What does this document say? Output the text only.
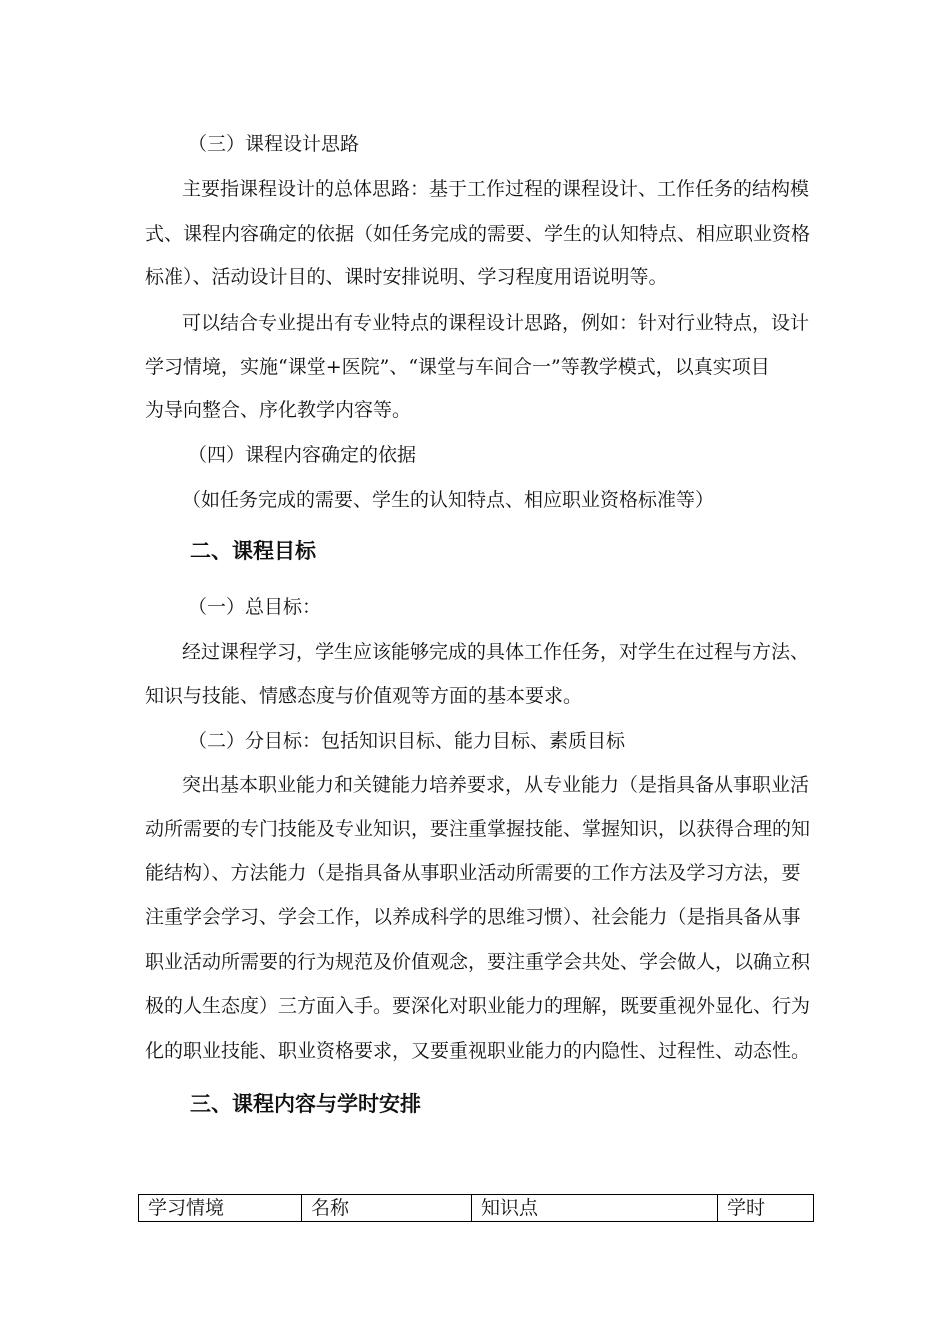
（三）课程设计思路
主要指课程设计的总体思路：基于工作过程的课程设计、工作任务的结构模
式、课程内容确定的依据（如任务完成的需要、学生的认知特点、相应职业资格
标准）、活动设计目的、课时安排说明、学习程度用语说明等。
可以结合专业提出有专业特点的课程设计思路，例如：针对行业特点，设计
学习情境，实施“课堂+医院”、“课堂与车间合一”等教学模式，以真实项目
为导向整合、序化教学内容等。
（四）课程内容确定的依据
（如任务完成的需要、学生的认知特点、相应职业资格标准等）
二、课程目标
（一）总目标：
经过课程学习，学生应该能够完成的具体工作任务，对学生在过程与方法、
知识与技能、情感态度与价值观等方面的基本要求。
（二）分目标：包括知识目标、能力目标、素质目标
突出基本职业能力和关键能力培养要求，从专业能力（是指具备从事职业活
动所需要的专门技能及专业知识，要注重掌握技能、掌握知识，以获得合理的知
能结构）、方法能力（是指具备从事职业活动所需要的工作方法及学习方法，要
注重学会学习、学会工作，以养成科学的思维习惯）、社会能力（是指具备从事
职业活动所需要的行为规范及价值观念，要注重学会共处、学会做人，以确立积
极的人生态度）三方面入手。要深化对职业能力的理解，既要重视外显化、行为
化的职业技能、职业资格要求，又要重视职业能力的内隐性、过程性、动态性。
三、课程内容与学时安排
学习情境	名称	知识点	学时
